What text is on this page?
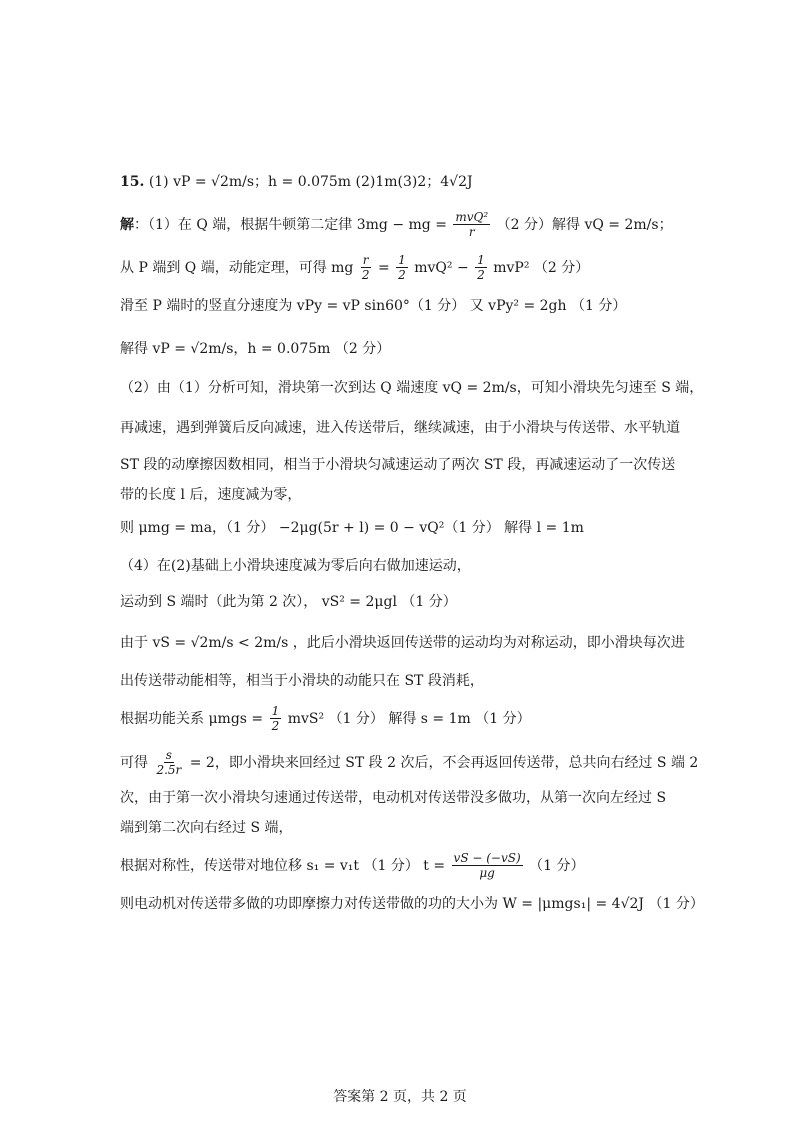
15. (1) vP = √2m/s；h = 0.075m (2)1m(3)2；4√2J
解：（1）在 Q 端，根据牛顿第二定律 3mg − mg = $\frac{\text{mvQ²}}{r} (2$ 分）解得 vQ = 2m/s；
从 P 端到 Q 端，动能定理，可得 mg $\frac{r}{2} = \frac{1}{2} mvQ^2 - \frac{1}{2} mvP^2$ （2 分）
滑至 P 端时的竖直分速度为 vPy = vP sin60°（1 分） 又 vPy² = 2gh （1 分）
解得 vP = √2m/s，h = 0.075m （2 分）
（2）由（1）分析可知，滑块第一次到达 Q 端速度 vQ = 2m/s，可知小滑块先匀速至 S 端，
再减速，遇到弹簧后反向减速，进入传送带后，继续减速，由于小滑块与传送带、水平轨道
ST 段的动摩擦因数相同，相当于小滑块匀减速运动了两次 ST 段，再减速运动了一次传送
带的长度 l 后，速度减为零，
则 μmg = ma，（1 分） −2μg(5r + l) = 0 − vQ²（1 分） 解得 l = 1m
（4）在(2)基础上小滑块速度减为零后向右做加速运动，
运动到 S 端时（此为第 2 次）， vS² = 2μgl （1 分）
由于 vS = √2m/s < 2m/s ，此后小滑块返回传送带的运动均为对称运动，即小滑块每次进
出传送带动能相等，相当于小滑块的动能只在 ST 段消耗，
根据功能关系 $\mu mgs = \frac{1}{2} mvS^2$ （1 分） 解得 s = 1m （1 分）
可得 $\frac{s}{2.5r} = 2$，即小滑块来回经过 ST 段 2 次后，不会再返回传送带，总共向右经过 S 端 2
次，由于第一次小滑块匀速通过传送带，电动机对传送带没多做功，从第一次向左经过 S
端到第二次向右经过 S 端，
根据对称性，传送带对地位移 s₁ = v₁t （1 分） $t = \frac{vS - (-vS)}{\mu g} (1$ 分）
则电动机对传送带多做的功即摩擦力对传送带做的功的大小为 W = |μmgs₁| = 4√2J （1 分）
答案第 2 页，共 2 页
